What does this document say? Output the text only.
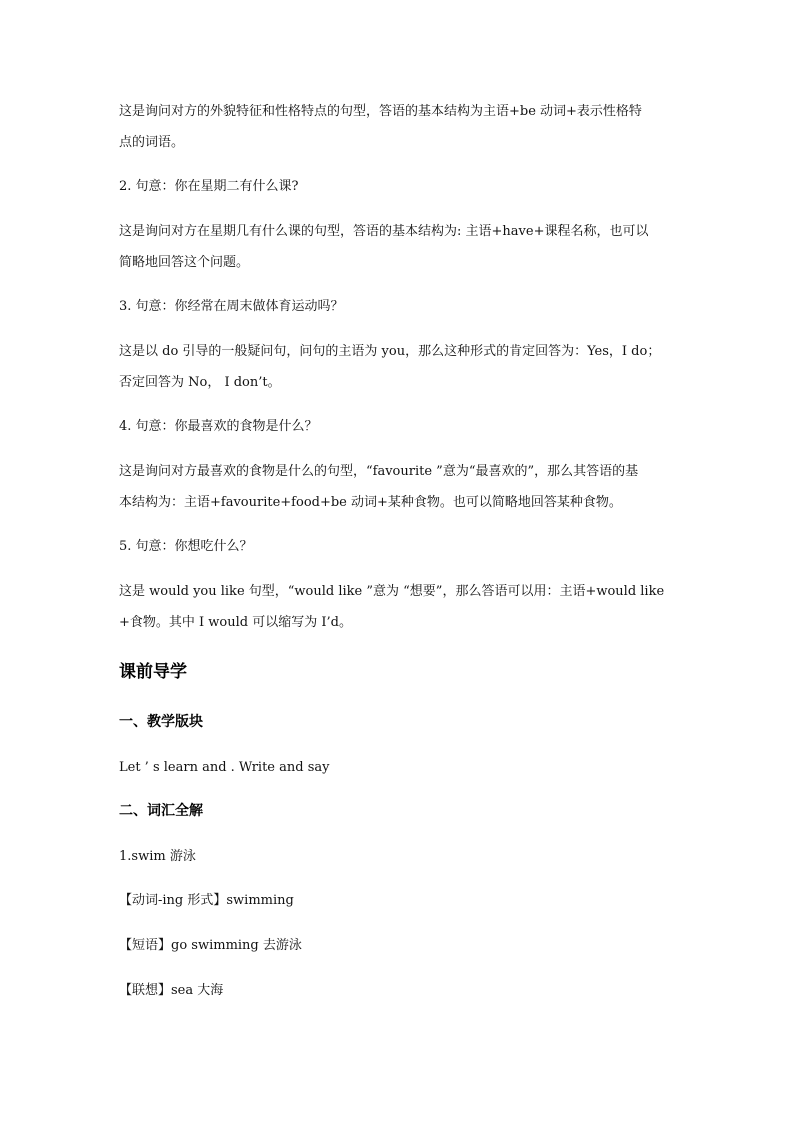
这是询问对方的外貌特征和性格特点的句型，答语的基本结构为主语+be 动词+表示性格特

点的词语。

2. 句意：你在星期二有什么课?

这是询问对方在星期几有什么课的句型，答语的基本结构为: 主语+have+课程名称，也可以

简略地回答这个问题。

3. 句意：你经常在周末做体育运动吗？

这是以 do 引导的一般疑问句，问句的主语为 you，那么这种形式的肯定回答为：Yes，I do；

否定回答为 No， I don’t。

4. 句意：你最喜欢的食物是什么？

这是询问对方最喜欢的食物是什么的句型，“favourite ”意为“最喜欢的”，那么其答语的基

本结构为：主语+favourite+food+be 动词+某种食物。也可以简略地回答某种食物。

5. 句意：你想吃什么？

这是 would you like 句型，“would like ”意为 “想要”，那么答语可以用：主语+would like

+食物。其中 I would 可以缩写为 I’d。

课前导学
一、教学版块

Let ’ s learn and . Write and say

二、词汇全解

1.swim 游泳

【动词-ing 形式】swimming

【短语】go swimming 去游泳

【联想】sea 大海
